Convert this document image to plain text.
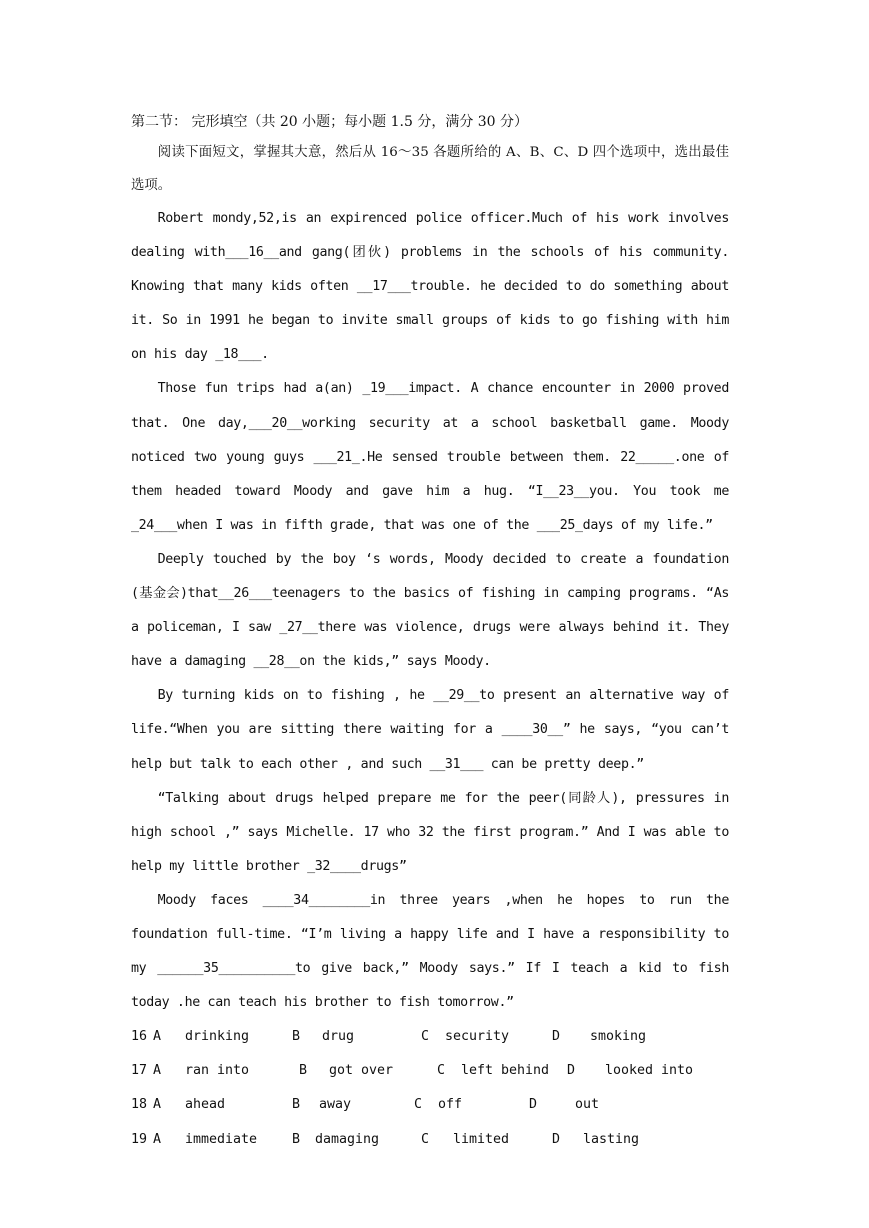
第二节： 完形填空（共 20 小题；每小题 1.5 分，满分 30 分）

阅读下面短文，掌握其大意，然后从 16～35 各题所给的 A、B、C、D 四个选项中，选出最佳选项。

Robert mondy,52,is an expirenced police officer.Much of his work involves dealing with___16__and gang(团伙) problems in the schools of his community. Knowing that many kids often __17___trouble. he decided to do something about it. So in 1991 he began to invite small groups of kids to go fishing with him on his day _18___.

Those fun trips had a(an) _19___impact. A chance encounter in 2000 proved that. One day,___20__working security at a school basketball game. Moody noticed two young guys ___21_.He sensed trouble between them. 22_____.one of them headed toward Moody and gave him a hug. “I__23__you. You took me _24___when I was in fifth grade, that was one of the ___25_days of my life.”

Deeply touched by the boy ‘s words, Moody decided to create a foundation (基金会)that__26___teenagers to the basics of fishing in camping programs. “As a policeman, I saw _27__there was violence, drugs were always behind it. They have a damaging __28__on the kids,” says Moody.

By turning kids on to fishing , he __29__to present an alternative way of life.“When you are sitting there waiting for a ____30__” he says, “you can’t help but talk to each other , and such __31___ can be pretty deep.”

“Talking about drugs helped prepare me for the peer(同龄人), pressures in high school ,” says Michelle. 17 who 32 the first program.” And I was able to help my little brother _32____drugs”

Moody faces ____34________in three years ,when he hopes to run the foundation full-time. “I’m living a happy life and I have a responsibility to my ______35__________to give back,” Moody says.” If I teach a kid to fish today .he can teach his brother to fish tomorrow.”

16 A drinking	B drug	C security	D smoking
17 A ran into	B got over	C left behind D looked into
18 A ahead	B away	C off	D	out
19 A immediate	B damaging	C limited	D lasting
